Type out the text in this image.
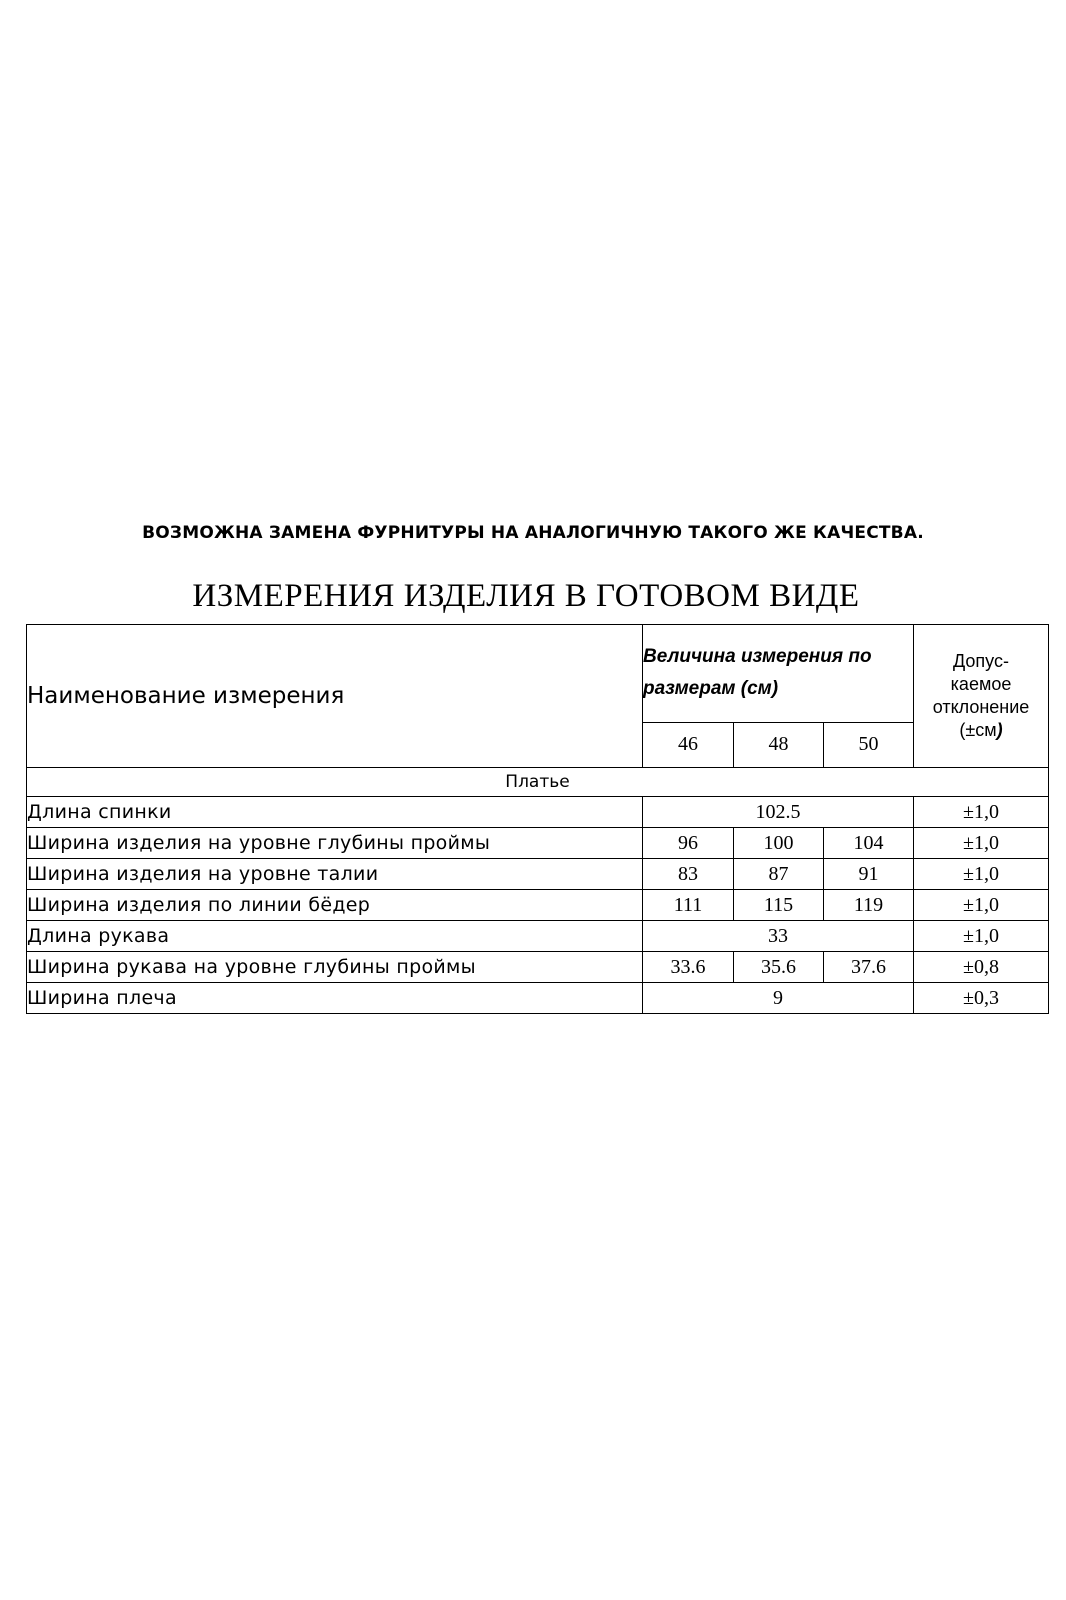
ВОЗМОЖНА ЗАМЕНА ФУРНИТУРЫ НА АНАЛОГИЧНУЮ ТАКОГО ЖЕ КАЧЕСТВА.
ИЗМЕРЕНИЯ ИЗДЕЛИЯ В ГОТОВОМ ВИДЕ
Наименование измерения	Величина измерения по размерам (см)			Допус-
каемое
отклонение
(±см)
	46	48	50	
Платье				
Длина спинки	102.5			±1,0
Ширина изделия на уровне глубины проймы	96	100	104	±1,0
Ширина изделия на уровне талии	83	87	91	±1,0
Ширина изделия по линии бёдер	111	115	119	±1,0
Длина рукава	33			±1,0
Ширина рукава на уровне глубины проймы	33.6	35.6	37.6	±0,8
Ширина плеча	9			±0,3
